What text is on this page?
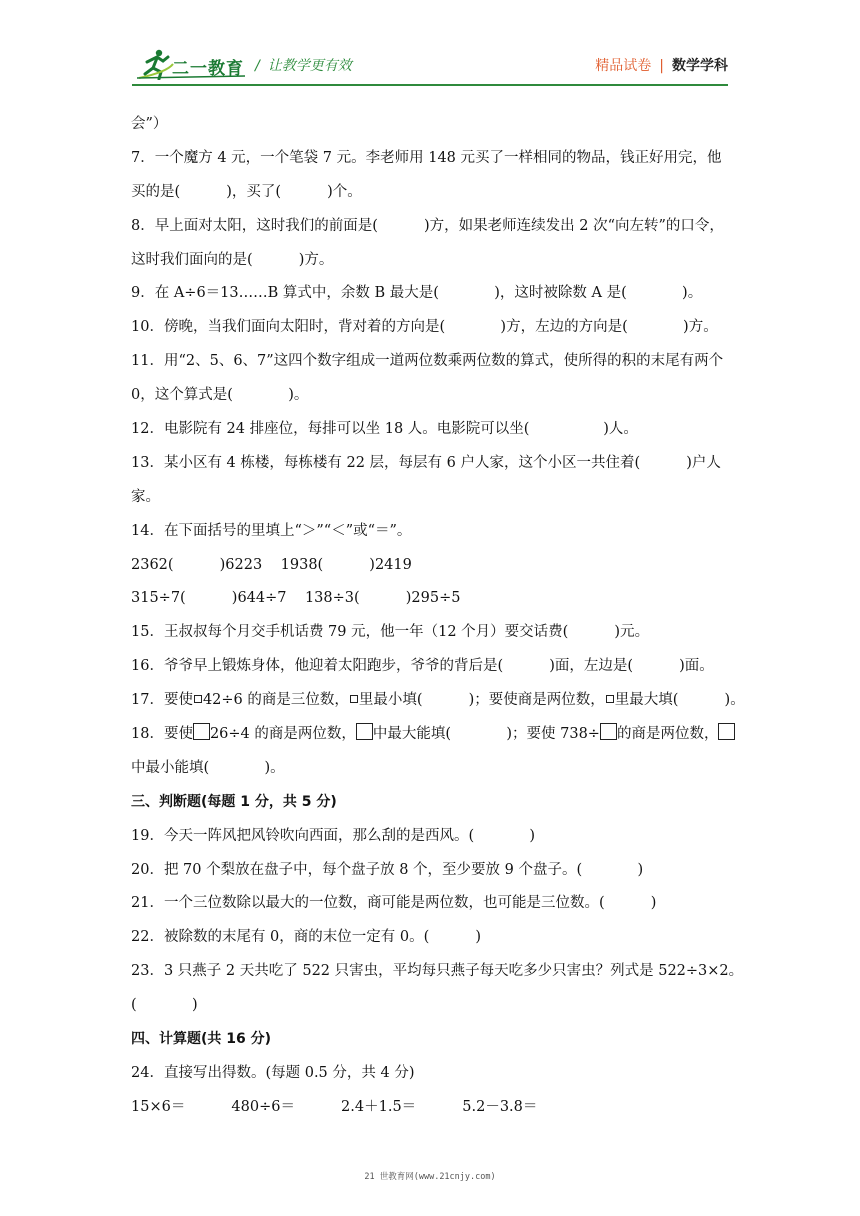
二一教育 / 让教学更有效	精品试卷 | 数学学科
会”）
7．一个魔方 4 元，一个笔袋 7 元。李老师用 148 元买了一样相同的物品，钱正好用完，他
买的是(          )，买了(          )个。
8．早上面对太阳，这时我们的前面是(          )方，如果老师连续发出 2 次“向左转”的口令，
这时我们面向的是(          )方。
9．在 A÷6＝13……B 算式中，余数 B 最大是(            )，这时被除数 A 是(            )。
10．傍晚，当我们面向太阳时，背对着的方向是(            )方，左边的方向是(            )方。
11．用“2、5、6、7”这四个数字组成一道两位数乘两位数的算式，使所得的积的末尾有两个
0，这个算式是(            )。
12．电影院有 24 排座位，每排可以坐 18 人。电影院可以坐(                )人。
13．某小区有 4 栋楼，每栋楼有 22 层，每层有 6 户人家，这个小区一共住着(          )户人
家。
14．在下面括号的里填上“＞”“＜”或“＝”。
2362(          )6223    1938(          )2419
315÷7(          )644÷7    138÷3(          )295÷5
15．王叔叔每个月交手机话费 79 元，他一年（12 个月）要交话费(          )元。
16．爷爷早上锻炼身体，他迎着太阳跑步，爷爷的背后是(          )面，左边是(          )面。
17．要使 42÷6 的商是三位数， 里最小填(          )；要使商是两位数， 里最大填(          )。
18．要使 26÷4 的商是两位数， 中最大能填(            )；要使 738÷ 的商是两位数，
中最小能填(            )。
三、判断题(每题 1 分，共 5 分)
19．今天一阵风把风铃吹向西面，那么刮的是西风。(            )
20．把 70 个梨放在盘子中，每个盘子放 8 个，至少要放 9 个盘子。(            )
21．一个三位数除以最大的一位数，商可能是两位数，也可能是三位数。(          )
22．被除数的末尾有 0，商的末位一定有 0。(          )
23．3 只燕子 2 天共吃了 522 只害虫，平均每只燕子每天吃多少只害虫？列式是 522÷3×2。
(            )
四、计算题(共 16 分)
24．直接写出得数。(每题 0.5 分，共 4 分)
15×6＝          480÷6＝          2.4＋1.5＝          5.2－3.8＝
21 世教育网(www.21cnjy.com)
